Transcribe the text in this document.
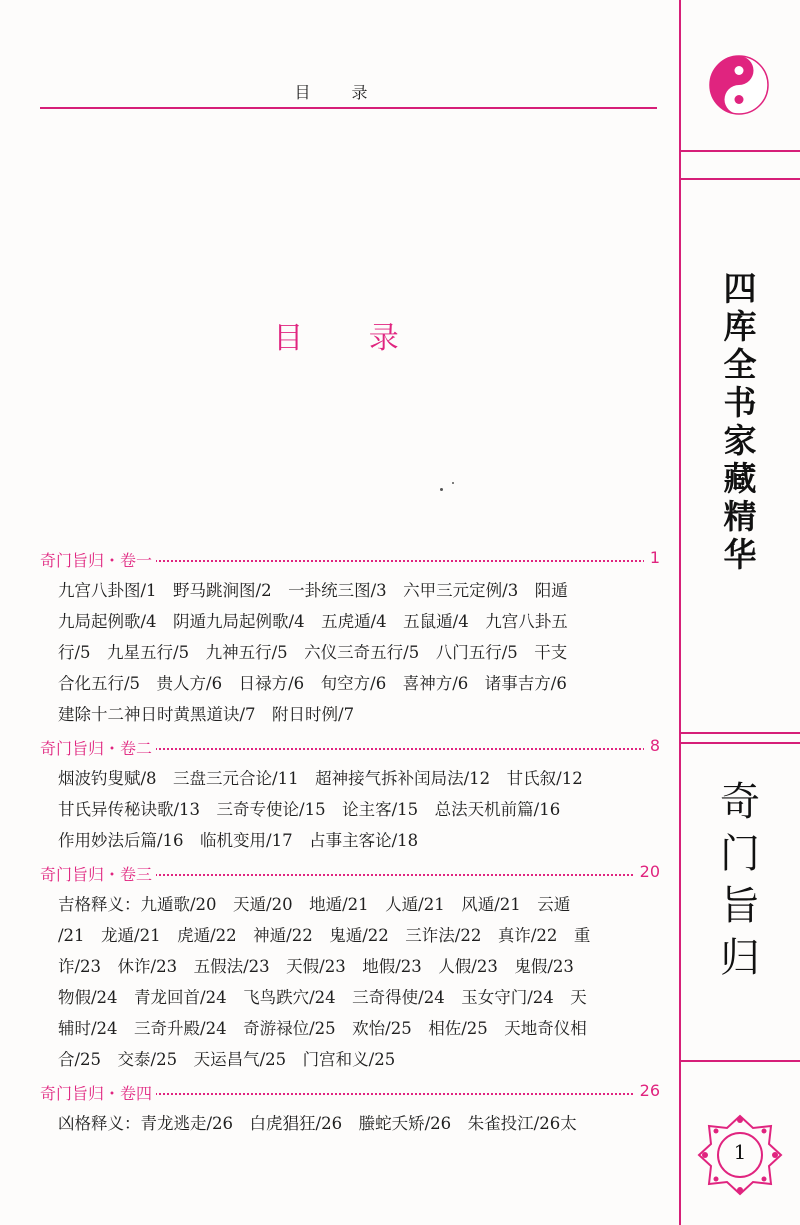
目 录
目 录
奇门旨归・卷一	1
九宫八卦图/1　野马跳涧图/2　一卦统三图/3　六甲三元定例/3　阳遁
九局起例歌/4　阴遁九局起例歌/4　五虎遁/4　五鼠遁/4　九宫八卦五
行/5　九星五行/5　九神五行/5　六仪三奇五行/5　八门五行/5　干支
合化五行/5　贵人方/6　日禄方/6　旬空方/6　喜神方/6　诸事吉方/6
建除十二神日时黄黑道诀/7　附日时例/7
奇门旨归・卷二	8
烟波钓叟赋/8　三盘三元合论/11　超神接气拆补闰局法/12　甘氏叙/12
甘氏异传秘诀歌/13　三奇专使论/15　论主客/15　总法天机前篇/16
作用妙法后篇/16　临机变用/17　占事主客论/18
奇门旨归・卷三	20
吉格释义：九遁歌/20　天遁/20　地遁/21　人遁/21　风遁/21　云遁
/21　龙遁/21　虎遁/22　神遁/22　鬼遁/22　三诈法/22　真诈/22　重
诈/23　休诈/23　五假法/23　天假/23　地假/23　人假/23　鬼假/23
物假/24　青龙回首/24　飞鸟跌穴/24　三奇得使/24　玉女守门/24　天
辅时/24　三奇升殿/24　奇游禄位/25　欢怡/25　相佐/25　天地奇仪相
合/25　交泰/25　天运昌气/25　门宫和义/25
奇门旨归・卷四	26
凶格释义：青龙逃走/26　白虎猖狂/26　螣蛇夭矫/26　朱雀投江/26太
四
库
全
书
家
藏
精
华
奇
门
旨
归
1
